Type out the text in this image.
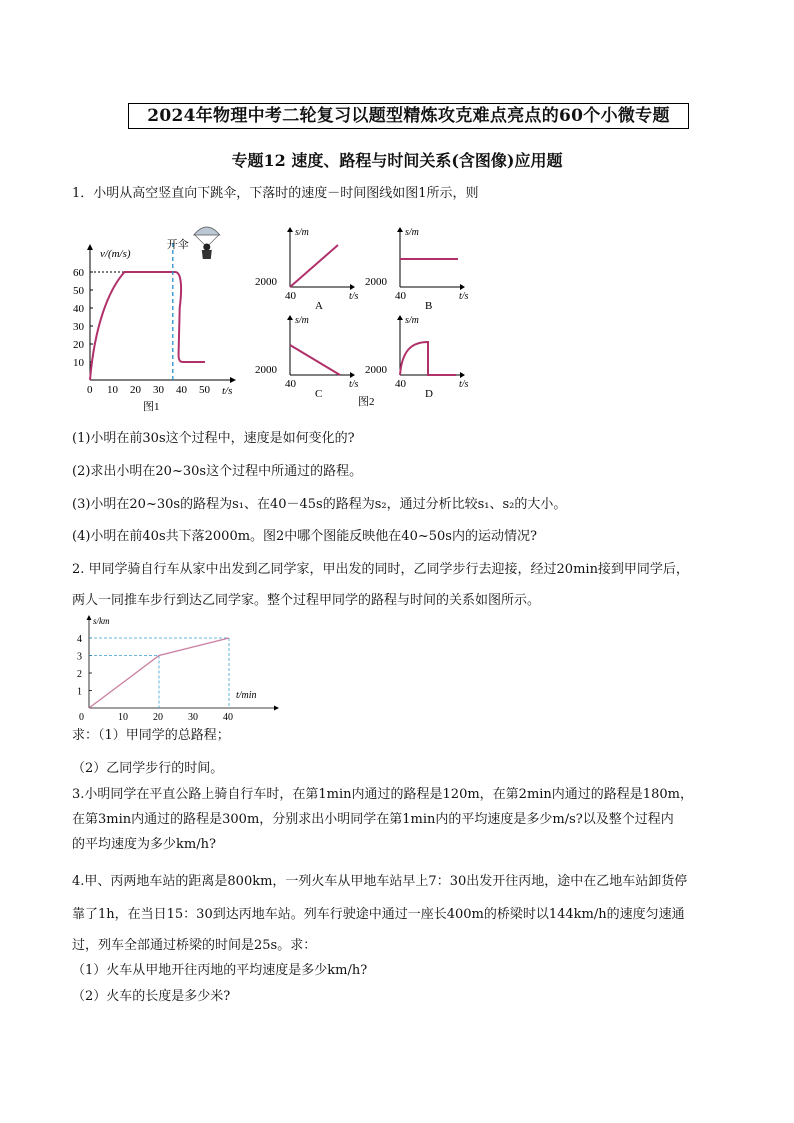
2024年物理中考二轮复习以题型精炼攻克难点亮点的60个小微专题
专题12 速度、路程与时间关系(含图像)应用题
1．小明从高空竖直向下跳伞，下落时的速度－时间图线如图1所示，则
0 10 20 30 40 50
10
20
30
40
50
60
v/(m/s)
t/s
开伞
图1
s/m
t/s
2000
40
A
s/m
t/s
2000
40
B
s/m
t/s
2000
40
C
s/m
t/s
2000
40
D
图2
(1)小明在前30s这个过程中，速度是如何变化的?
(2)求出小明在20~30s这个过程中所通过的路程。
(3)小明在20~30s的路程为s₁、在40－45s的路程为s₂，通过分析比较s₁、s₂的大小。
(4)小明在前40s共下落2000m。图2中哪个图能反映他在40~50s内的运动情况?
2. 甲同学骑自行车从家中出发到乙同学家，甲出发的同时，乙同学步行去迎接，经过20min接到甲同学后，
两人一同推车步行到达乙同学家。整个过程甲同学的路程与时间的关系如图所示。
s/km
t/min
0	10	20	30	40
1
2
3
4
求：（1）甲同学的总路程；
（2）乙同学步行的时间。
3.小明同学在平直公路上骑自行车时，在第1min内通过的路程是120m，在第2min内通过的路程是180m，
在第3min内通过的路程是300m，分别求出小明同学在第1min内的平均速度是多少m/s?以及整个过程内
的平均速度为多少km/h?
4.甲、丙两地车站的距离是800km，一列火车从甲地车站早上7：30出发开往丙地，途中在乙地车站卸货停
靠了1h，在当日15：30到达丙地车站。列车行驶途中通过一座长400m的桥梁时以144km/h的速度匀速通
过，列车全部通过桥梁的时间是25s。求：
（1）火车从甲地开往丙地的平均速度是多少km/h?
（2）火车的长度是多少米?
